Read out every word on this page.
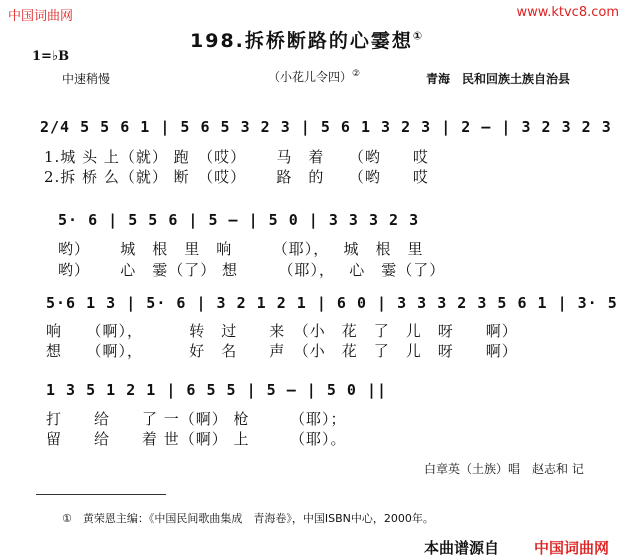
中国词曲网	www.ktvc8.com
198.拆桥断路的心霎想①
1=♭B
中速稍慢	（小花儿令四）②	青海　民和回族土族自治县
2/4 5 5 6 1 | 5 6 5 3 2 3 | 5 6 1 3 2 3 | 2 — | 3 2 3 2 3
1.城 头 上（就） 跑　（哎）　　 马　着　　（哟　　哎
2.拆 桥 么（就） 断　（哎）　　 路　的　　（哟　　哎
5· 6 | 5 5 6 | 5 — | 5 0 | 3 3 3 2 3
哟）　　 城　根　里　响　　　（耶），　 城　根　里
哟）　　 心　霎（了） 想　　　（耶），　 心　霎（了）
5·6 1 3 | 5· 6 | 3 2 1 2 1 | 6 0 | 3 3 3 2 3 5 6 1 | 3· 5
响　　（啊），　　　 转　过　　来　（小　花　了　儿　呀　　啊）
想　　（啊），　　　 好　名　　声　（小　花　了　儿　呀　　啊）
1 3 5 1 2 1 | 6 5 5 | 5 — | 5 0 ||
打　　给　　了 一（啊） 枪　　　（耶）；
留　　给　　着 世（啊） 上　　　（耶）。
白章英（土族）唱　赵志和 记
①　黄荣恩主编：《中国民间歌曲集成　青海卷》，中国ISBN中心，2000年。
本曲谱源自 中国词曲网
